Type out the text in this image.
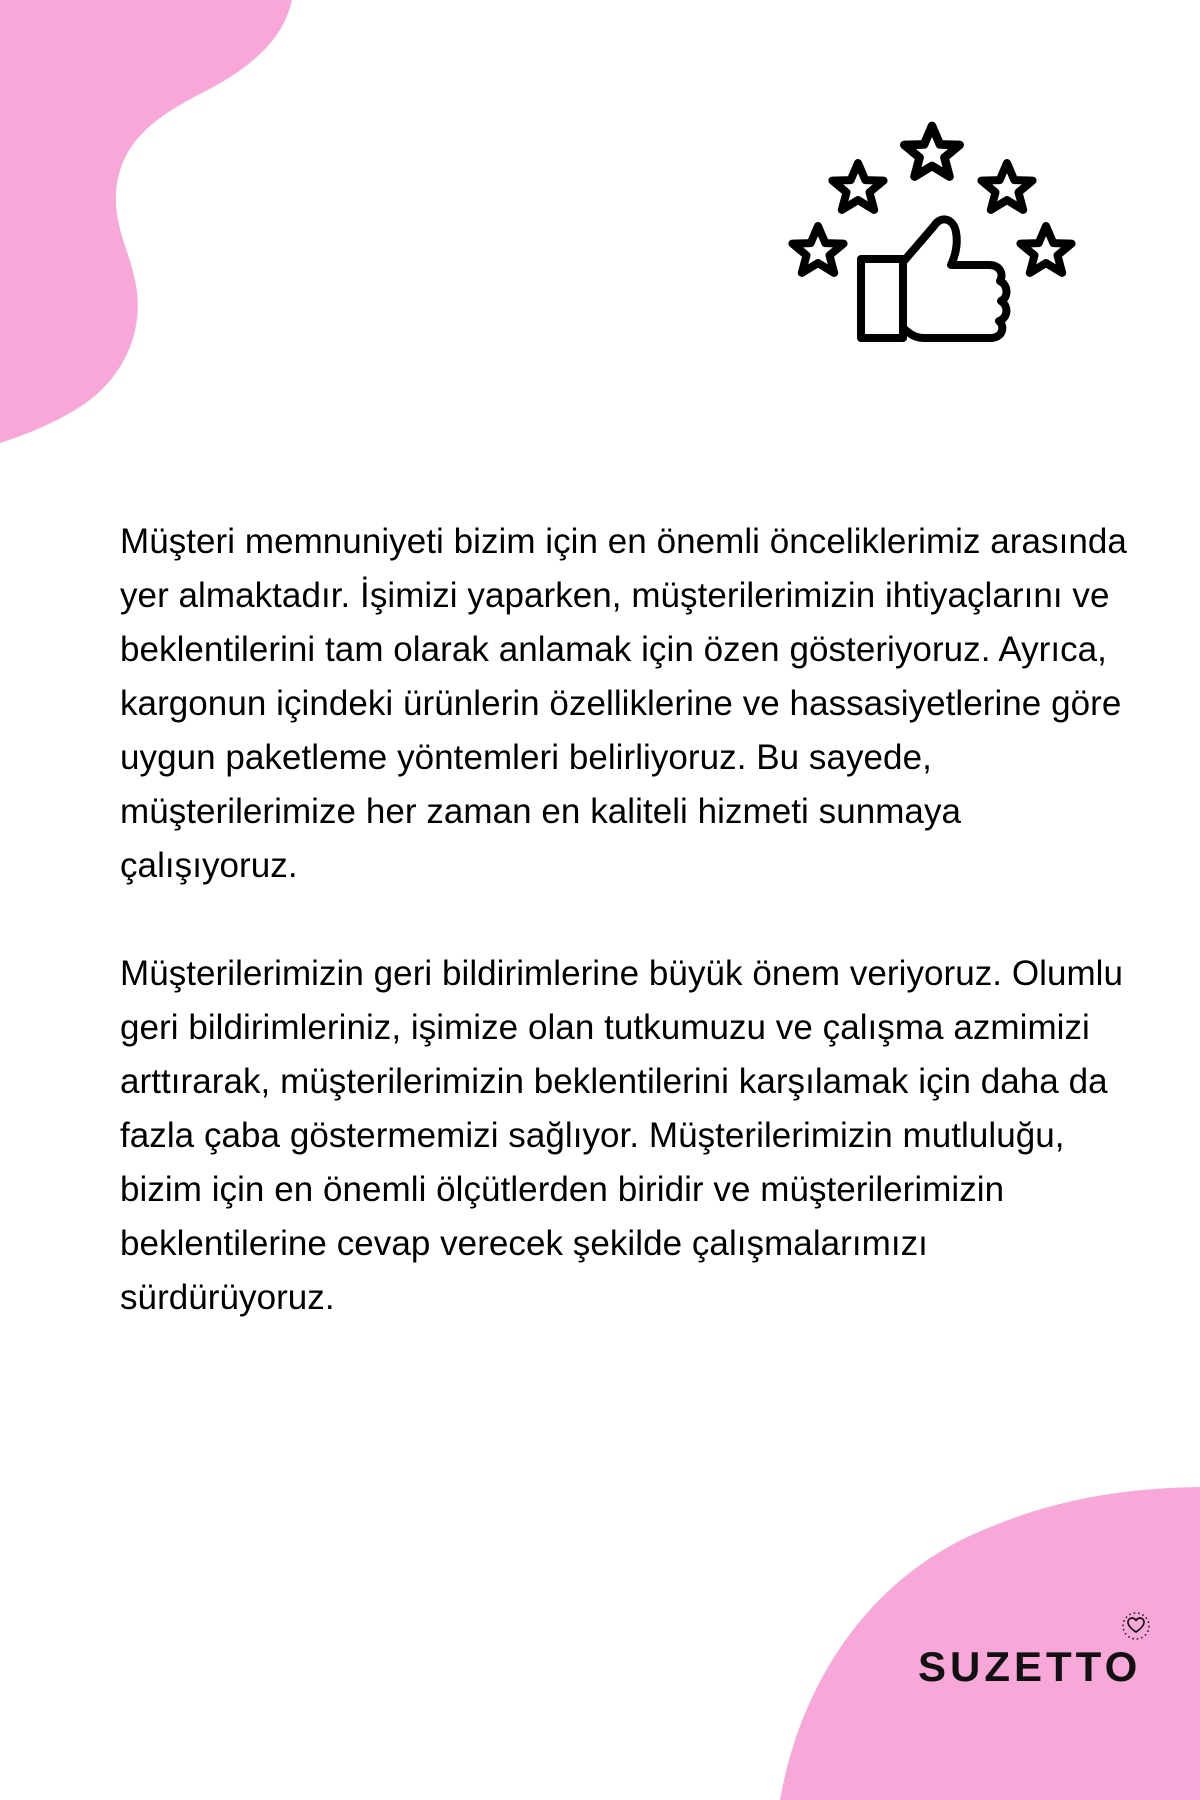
Müşteri memnuniyeti bizim için en önemli önceliklerimiz arasında yer almaktadır. İşimizi yaparken, müşterilerimizin ihtiyaçlarını ve beklentilerini tam olarak anlamak için özen gösteriyoruz. Ayrıca, kargonun içindeki ürünlerin özelliklerine ve hassasiyetlerine göre uygun paketleme yöntemleri belirliyoruz. Bu sayede, müşterilerimize her zaman en kaliteli hizmeti sunmaya çalışıyoruz.

Müşterilerimizin geri bildirimlerine büyük önem veriyoruz. Olumlu geri bildirimleriniz, işimize olan tutkumuzu ve çalışma azmimizi arttırarak, müşterilerimizin beklentilerini karşılamak için daha da fazla çaba göstermemizi sağlıyor. Müşterilerimizin mutluluğu, bizim için en önemli ölçütlerden biridir ve müşterilerimizin beklentilerine cevap verecek şekilde çalışmalarımızı sürdürüyoruz.

SUZETTO
